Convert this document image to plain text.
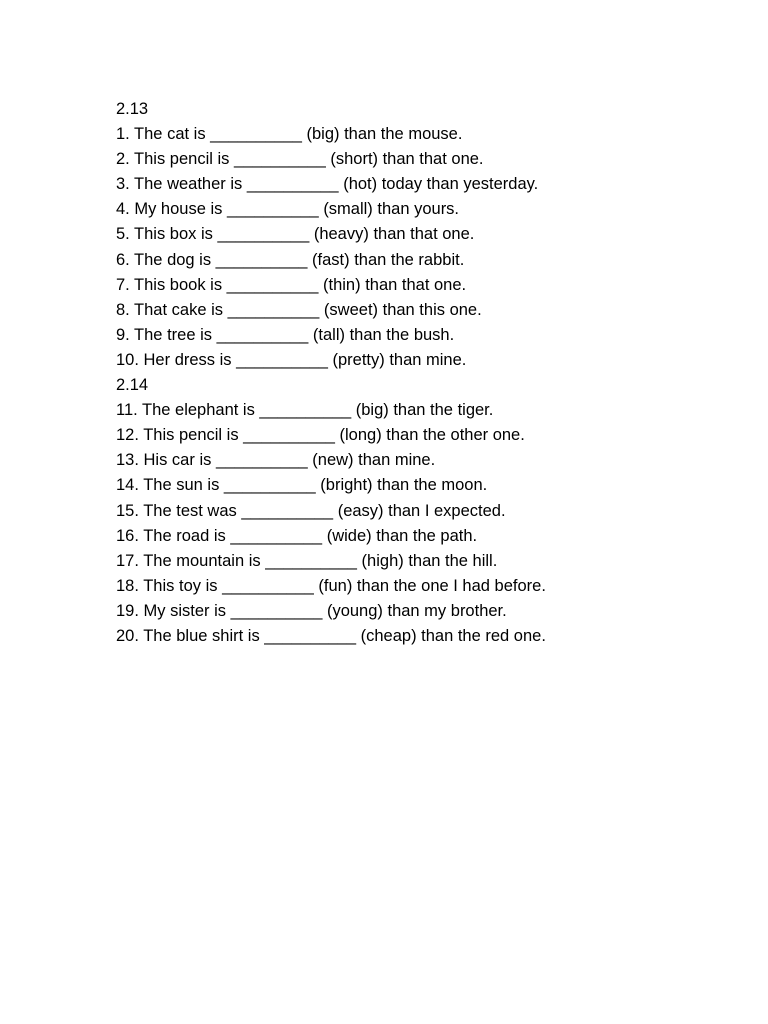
2.13

1. The cat is __________ (big) than the mouse.

2. This pencil is __________ (short) than that one.

3. The weather is __________ (hot) today than yesterday.

4. My house is __________ (small) than yours.

5. This box is __________ (heavy) than that one.

6. The dog is __________ (fast) than the rabbit.

7. This book is __________ (thin) than that one.

8. That cake is __________ (sweet) than this one.

9. The tree is __________ (tall) than the bush.

10. Her dress is __________ (pretty) than mine.

2.14

11. The elephant is __________ (big) than the tiger.

12. This pencil is __________ (long) than the other one.

13. His car is __________ (new) than mine.

14. The sun is __________ (bright) than the moon.

15. The test was __________ (easy) than I expected.

16. The road is __________ (wide) than the path.

17. The mountain is __________ (high) than the hill.

18. This toy is __________ (fun) than the one I had before.

19. My sister is __________ (young) than my brother.

20. The blue shirt is __________ (cheap) than the red one.
